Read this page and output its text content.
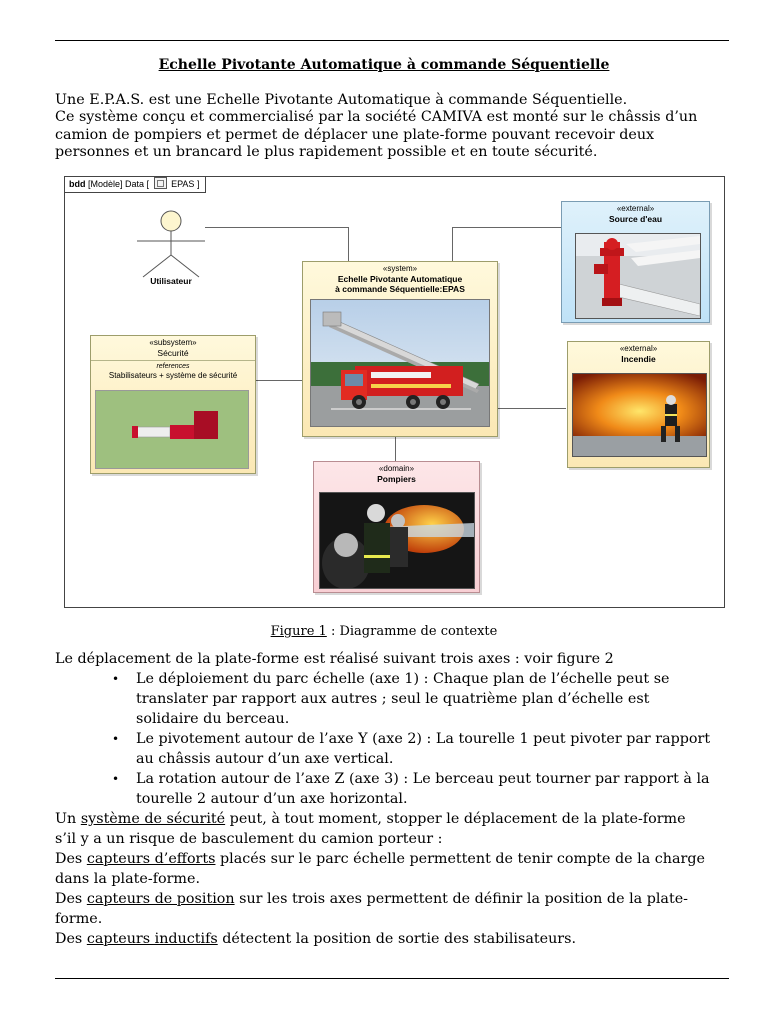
Echelle Pivotante Automatique à commande Séquentielle
Une E.P.A.S. est une Echelle Pivotante Automatique à commande Séquentielle.
Ce système conçu et commercialisé par la société CAMIVA est monté sur le châssis d’un
camion de pompiers et permet de déplacer une plate-forme pouvant recevoir deux
personnes et un brancard le plus rapidement possible et en toute sécurité.
bdd [Modèle] Data [ EPAS ]
Utilisateur
«system»
Echelle Pivotante Automatique
à commande Séquentielle:EPAS
«external»
Source d'eau
«external»
Incendie
«subsystem»
Sécurité
references
Stabilisateurs + système de sécurité
«domain»
Pompiers
Figure 1 : Diagramme de contexte
Le déplacement de la plate-forme est réalisé suivant trois axes : voir figure 2
• Le déploiement du parc échelle (axe 1) : Chaque plan de l’échelle peut se
translater par rapport aux autres ; seul le quatrième plan d’échelle est
solidaire du berceau.
• Le pivotement autour de l’axe Y (axe 2) : La tourelle 1 peut pivoter par rapport
au châssis autour d’un axe vertical.
• La rotation autour de l’axe Z (axe 3) : Le berceau peut tourner par rapport à la
tourelle 2 autour d’un axe horizontal.
Un système de sécurité peut, à tout moment, stopper le déplacement de la plate-forme
s’il y a un risque de basculement du camion porteur :
Des capteurs d’efforts placés sur le parc échelle permettent de tenir compte de la charge
dans la plate-forme.
Des capteurs de position sur les trois axes permettent de définir la position de la plate-
forme.
Des capteurs inductifs détectent la position de sortie des stabilisateurs.
